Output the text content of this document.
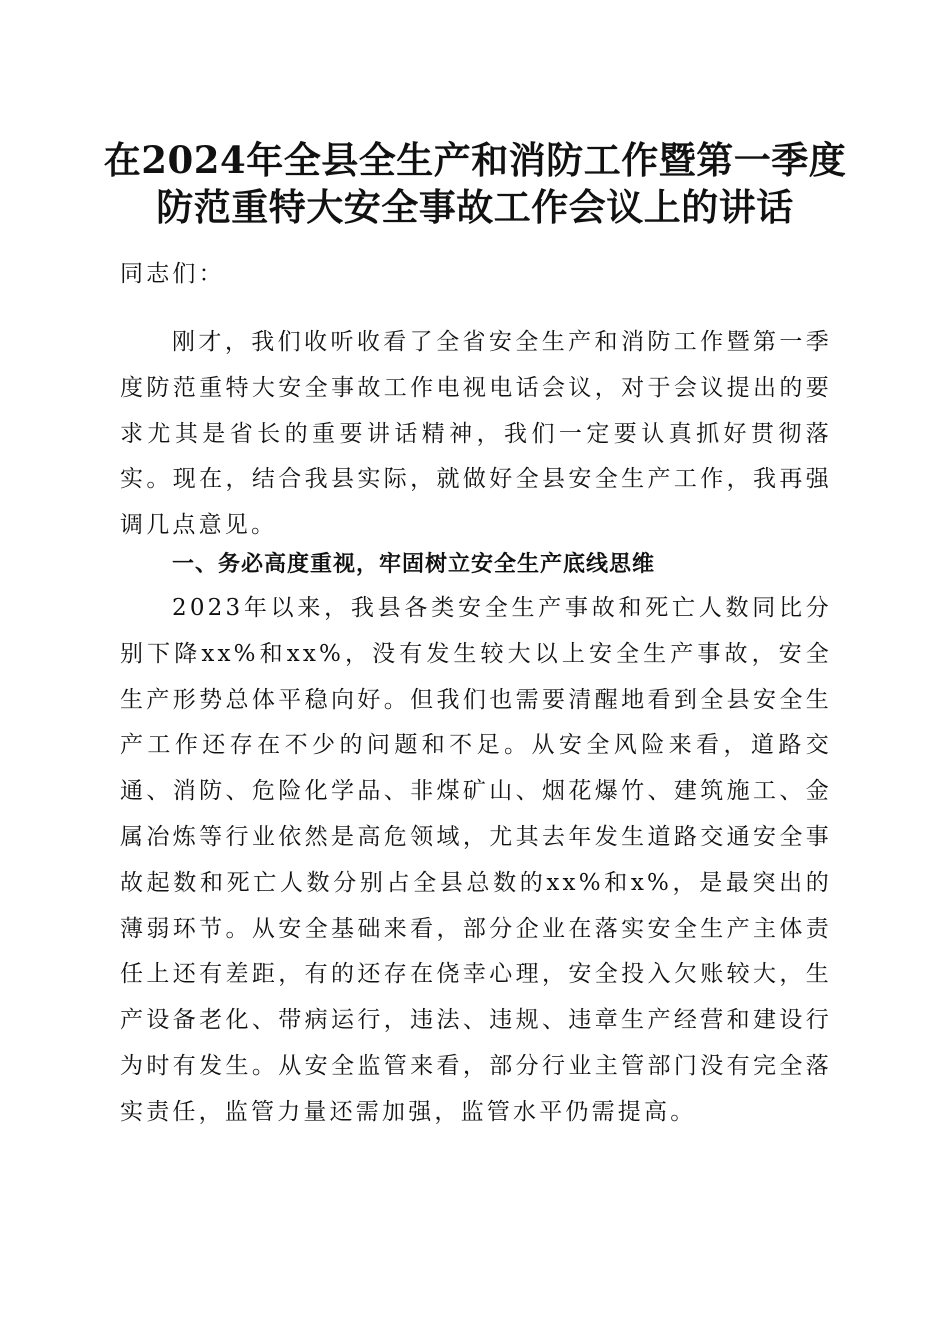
在2024年全县全生产和消防工作暨第一季度
防范重特大安全事故工作会议上的讲话

同志们：

刚才，我们收听收看了全省安全生产和消防工作暨第一季度防范重特大安全事故工作电视电话会议，对于会议提出的要求尤其是省长的重要讲话精神，我们一定要认真抓好贯彻落实。现在，结合我县实际，就做好全县安全生产工作，我再强调几点意见。

一、务必高度重视，牢固树立安全生产底线思维

2023年以来，我县各类安全生产事故和死亡人数同比分别下降xx%和xx%，没有发生较大以上安全生产事故，安全生产形势总体平稳向好。但我们也需要清醒地看到全县安全生产工作还存在不少的问题和不足。从安全风险来看，道路交通、消防、危险化学品、非煤矿山、烟花爆竹、建筑施工、金属冶炼等行业依然是高危领域，尤其去年发生道路交通安全事故起数和死亡人数分别占全县总数的xx%和x%，是最突出的薄弱环节。从安全基础来看，部分企业在落实安全生产主体责任上还有差距，有的还存在侥幸心理，安全投入欠账较大，生产设备老化、带病运行，违法、违规、违章生产经营和建设行为时有发生。从安全监管来看，部分行业主管部门没有完全落实责任，监管力量还需加强，监管水平仍需提高。
